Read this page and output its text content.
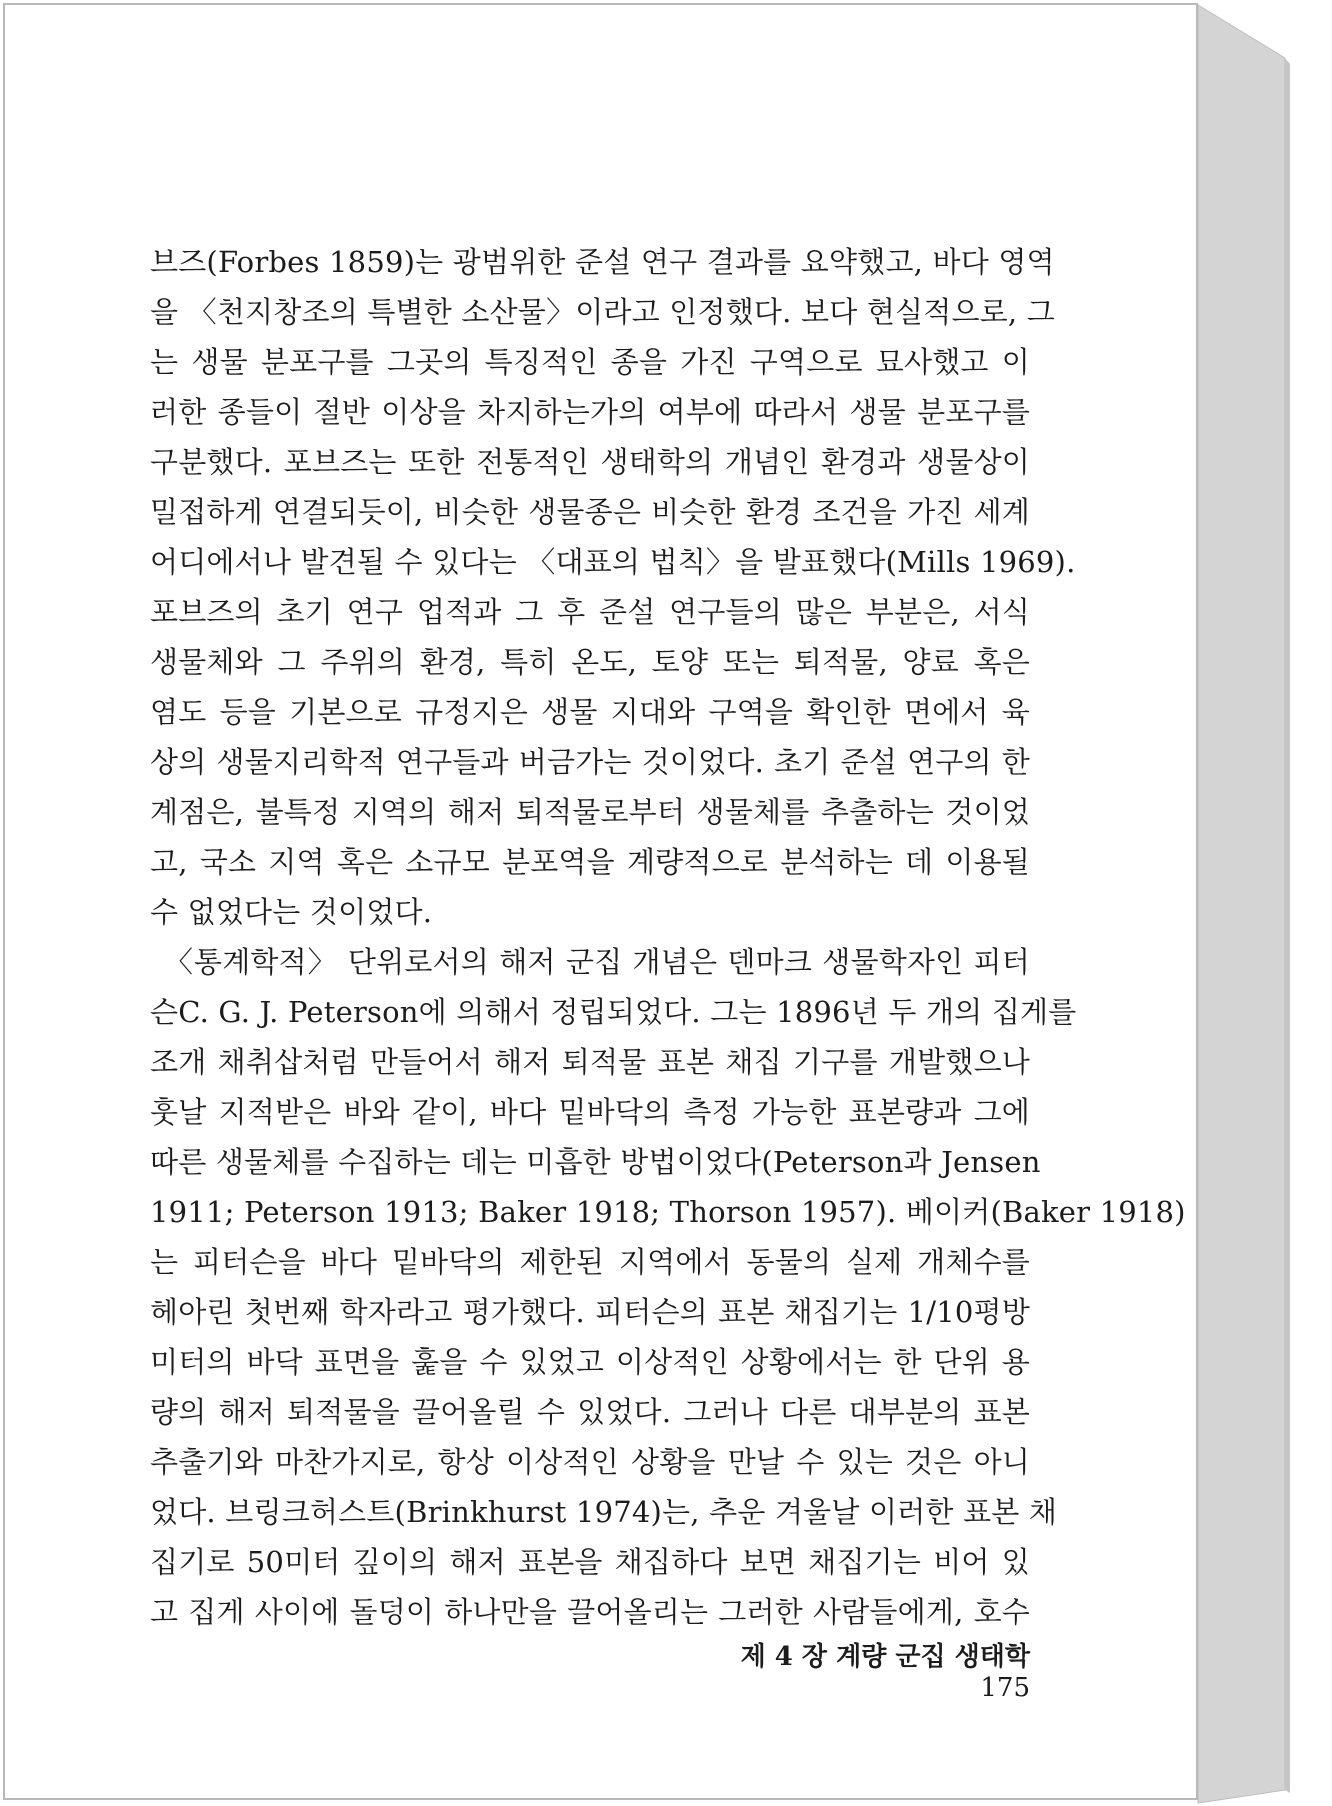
브즈(Forbes 1859)는 광범위한 준설 연구 결과를 요약했고, 바다 영역
을 〈천지창조의 특별한 소산물〉이라고 인정했다. 보다 현실적으로, 그
는 생물 분포구를 그곳의 특징적인 종을 가진 구역으로 묘사했고 이
러한 종들이 절반 이상을 차지하는가의 여부에 따라서 생물 분포구를
구분했다. 포브즈는 또한 전통적인 생태학의 개념인 환경과 생물상이
밀접하게 연결되듯이, 비슷한 생물종은 비슷한 환경 조건을 가진 세계
어디에서나 발견될 수 있다는 〈대표의 법칙〉을 발표했다(Mills 1969).
포브즈의 초기 연구 업적과 그 후 준설 연구들의 많은 부분은, 서식
생물체와 그 주위의 환경, 특히 온도, 토양 또는 퇴적물, 양료 혹은
염도 등을 기본으로 규정지은 생물 지대와 구역을 확인한 면에서 육
상의 생물지리학적 연구들과 버금가는 것이었다. 초기 준설 연구의 한
계점은, 불특정 지역의 해저 퇴적물로부터 생물체를 추출하는 것이었
고, 국소 지역 혹은 소규모 분포역을 계량적으로 분석하는 데 이용될
수 없었다는 것이었다.
〈통계학적〉 단위로서의 해저 군집 개념은 덴마크 생물학자인 피터
슨C. G. J. Peterson에 의해서 정립되었다. 그는 1896년 두 개의 집게를
조개 채취삽처럼 만들어서 해저 퇴적물 표본 채집 기구를 개발했으나
훗날 지적받은 바와 같이, 바다 밑바닥의 측정 가능한 표본량과 그에
따른 생물체를 수집하는 데는 미흡한 방법이었다(Peterson과 Jensen
1911; Peterson 1913; Baker 1918; Thorson 1957). 베이커(Baker 1918)
는 피터슨을 바다 밑바닥의 제한된 지역에서 동물의 실제 개체수를
헤아린 첫번째 학자라고 평가했다. 피터슨의 표본 채집기는 1/10평방
미터의 바닥 표면을 훑을 수 있었고 이상적인 상황에서는 한 단위 용
량의 해저 퇴적물을 끌어올릴 수 있었다. 그러나 다른 대부분의 표본
추출기와 마찬가지로, 항상 이상적인 상황을 만날 수 있는 것은 아니
었다. 브링크허스트(Brinkhurst 1974)는, 추운 겨울날 이러한 표본 채
집기로 50미터 깊이의 해저 표본을 채집하다 보면 채집기는 비어 있
고 집게 사이에 돌덩이 하나만을 끌어올리는 그러한 사람들에게, 호수
제 4 장 계량 군집 생태학175
